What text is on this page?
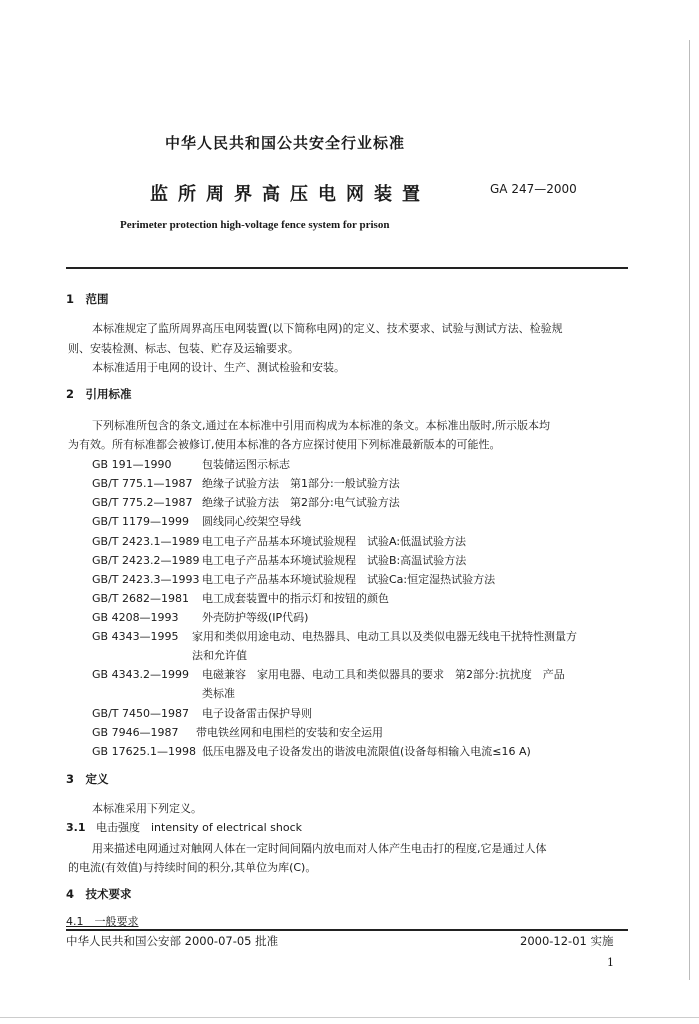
中华人民共和国公共安全行业标准
监所周界高压电网装置	GA 247—2000
Perimeter protection high-voltage fence system for prison
1　范围
本标准规定了监所周界高压电网装置(以下简称电网)的定义、技术要求、试验与测试方法、检验规
则、安装检测、标志、包装、贮存及运输要求。
本标准适用于电网的设计、生产、测试检验和安装。
2　引用标准
下列标准所包含的条文,通过在本标准中引用而构成为本标准的条文。本标准出版时,所示版本均
为有效。所有标准都会被修订,使用本标准的各方应探讨使用下列标准最新版本的可能性。
GB 191—1990	包装储运图示标志
GB/T 775.1—1987 绝缘子试验方法　第1部分:一般试验方法
GB/T 775.2—1987 绝缘子试验方法　第2部分:电气试验方法
GB/T 1179—1999 圆线同心绞架空导线
GB/T 2423.1—1989 电工电子产品基本环境试验规程　试验A:低温试验方法
GB/T 2423.2—1989 电工电子产品基本环境试验规程　试验B:高温试验方法
GB/T 2423.3—1993 电工电子产品基本环境试验规程　试验Ca:恒定湿热试验方法
GB/T 2682—1981 电工成套装置中的指示灯和按钮的颜色
GB 4208—1993 外壳防护等级(IP代码)
GB 4343—1995 家用和类似用途电动、电热器具、电动工具以及类似电器无线电干扰特性测量方
法和允许值
GB 4343.2—1999 电磁兼容　家用电器、电动工具和类似器具的要求　第2部分:抗扰度　产品
类标准
GB/T 7450—1987 电子设备雷击保护导则
GB 7946—1987 带电铁丝网和电围栏的安装和安全运用
GB 17625.1—1998 低压电器及电子设备发出的谐波电流限值(设备每相输入电流≤16 A)
3　定义
本标准采用下列定义。
3.1 电击强度　intensity of electrical shock
用来描述电网通过对触网人体在一定时间间隔内放电而对人体产生电击打的程度,它是通过人体
的电流(有效值)与持续时间的积分,其单位为库(C)。
4　技术要求
4.1　一般要求
中华人民共和国公安部 2000-07-05 批准	2000-12-01 实施
1
